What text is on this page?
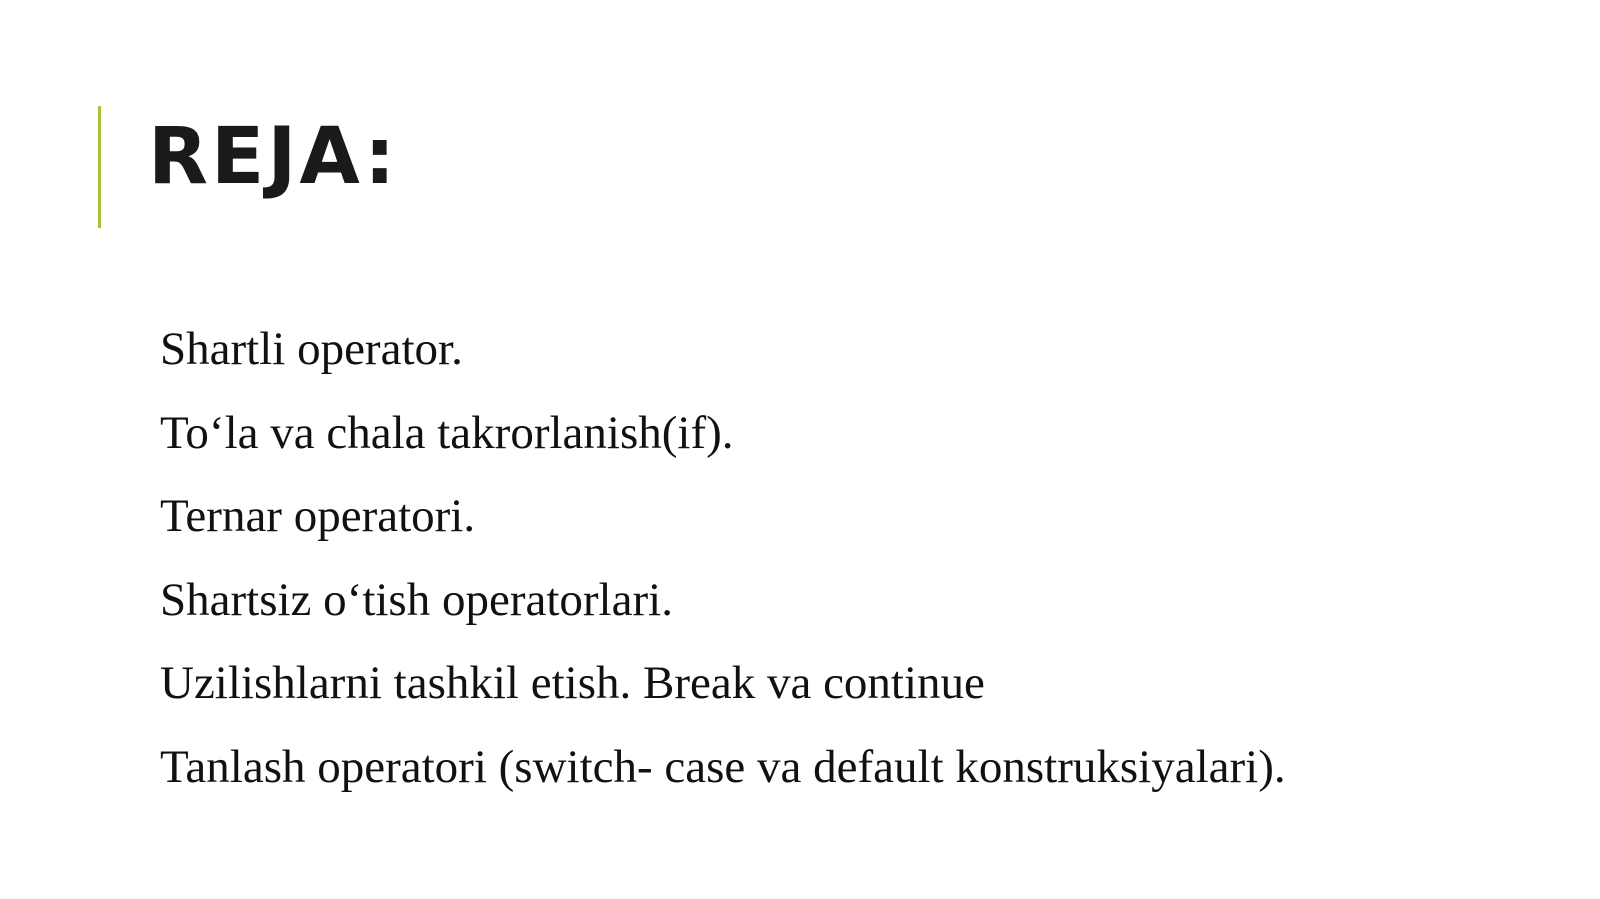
REJA:
Shartli operator.
To‘la va chala takrorlanish(if).
Ternar operatori.
Shartsiz o‘tish operatorlari.
Uzilishlarni tashkil etish. Break va continue
Tanlash operatori (switch- case va default konstruksiyalari).
